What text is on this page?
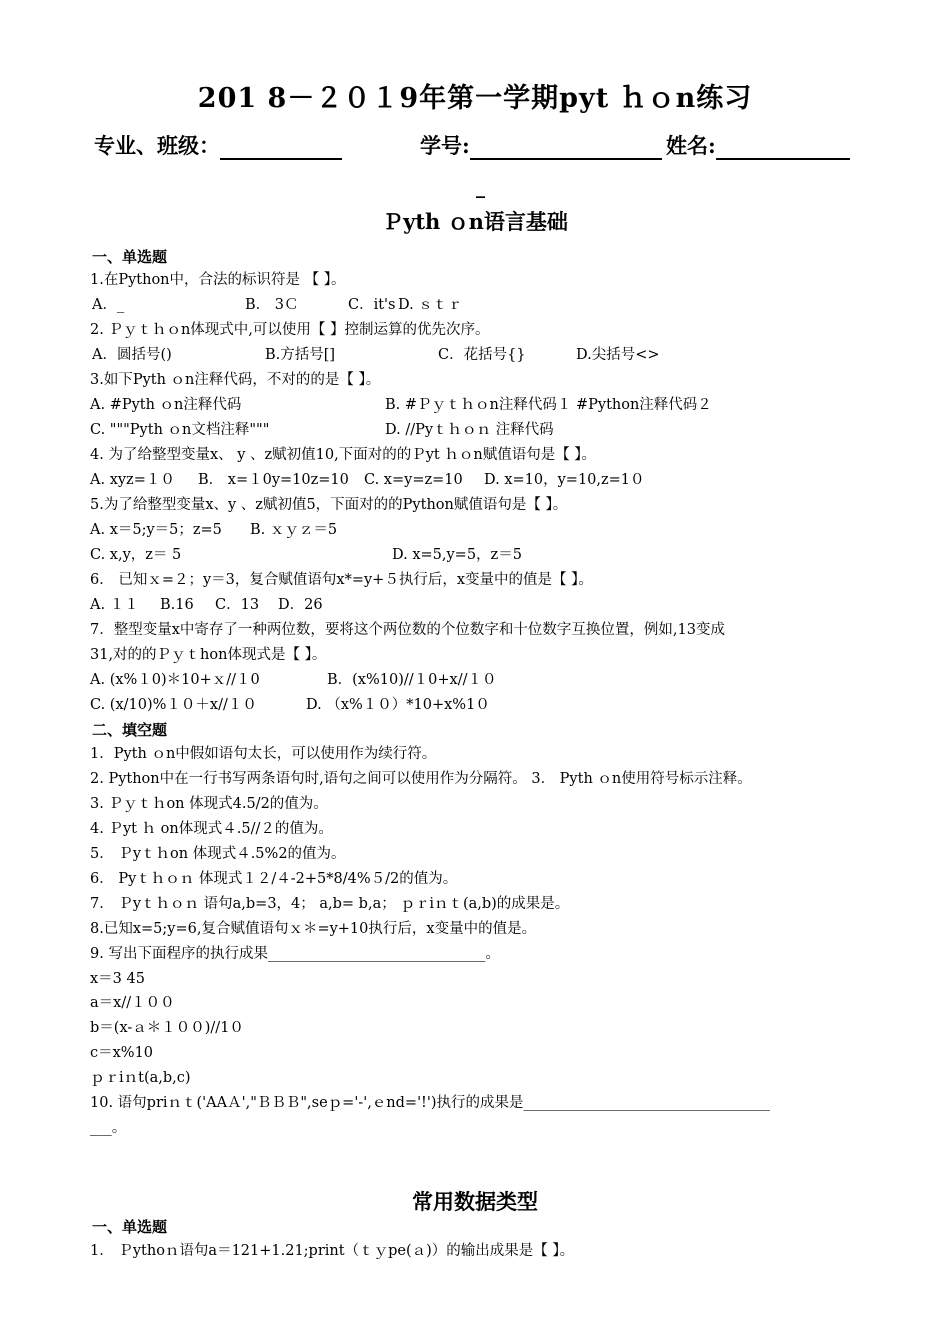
201 8－２０１9年第一学期pyt ｈｏn练习
专业、班级：	学号:	姓名:
_
Ｐyth ｏn语言基础
一、单选题
1.在Python中，合法的标识符是 【 】。
A．_	B． 3Ｃ	C．it's D. ｓｔｒ
2. Ｐｙｔｈｏn体现式中,可以使用【 】控制运算的优先次序。
A．圆括号()	B.方括号[]	C．花括号{}	D.尖括号<>
3.如下Pyth ｏn注释代码，不对的的是【 】。
A. #Pyth ｏn注释代码	B. #Ｐｙｔｈｏn注释代码１ #Python注释代码２
C. """Pyth ｏn文档注释"""	D. //Pyｔｈｏｎ 注释代码
4. 为了给整型变量x、 y 、z赋初值10,下面对的的Ｐyt ｈｏn赋值语句是【 】。
A. xyz=１０ B． x=１0y=10z=10 C. x=y=z=10 D. x=10，y=10,z=1０
5.为了给整型变量x、y 、z赋初值5，下面对的的Python赋值语句是【 】。
A. x＝5;y＝5；z=5 B. ｘｙｚ＝5
C. x,y，z＝ 5	D. x=5,y=5，z＝5
6． 已知ｘ=２；y＝3，复合赋值语句x*=y+５执行后，x变量中的值是【 】。
A. １１ B.16 C．13 D．26
7．整型变量x中寄存了一种两位数，要将这个两位数的个位数字和十位数字互换位置，例如,13变成
31,对的的Ｐｙｔhon体现式是【 】。
A. (x%１0)＊10+ｘ//１0	B．(x%10)//１0+x//１０
C. (x/10)%１０＋x//１０	D. （x%１０）*10+x%1０
二、填空题
1．Pyth ｏn中假如语句太长，可以使用作为续行符。
2. Python中在一行书写两条语句时,语句之间可以使用作为分隔符。 3． Pyth ｏn使用符号标示注释。
3. Ｐｙｔｈon 体现式4.5/2的值为。
4. Ｐyt ｈ on体现式４.5//２的值为。
5． Ｐyｔｈon 体现式４.5%2的值为。
6． Pyｔｈｏｎ 体现式１２/４-2+5*8/4%５/2的值为。
7． Ｐyｔｈｏｎ 语句a,b=3，4； a,b= b,a； ｐｒiｎｔ(a,b)的成果是。
8.已知x=5;y=6,复合赋值语句ｘ＊=y+10执行后，x变量中的值是。
9. 写出下面程序的执行成果______________________________。
x＝3 45
a＝x//１００
b＝(x-ａ＊１００)//1０
c＝x%10
ｐｒiｎt(a,b,c)
10. 语句priｎｔ('AAＡ',"ＢＢＢ",seｐ='-',ｅnd='!')执行的成果是__________________________________
___。
常用数据类型
一、单选题
1． Ｐythoｎ语句a＝121+1.21;print（ｔｙpe(ａ)）的输出成果是【 】。
